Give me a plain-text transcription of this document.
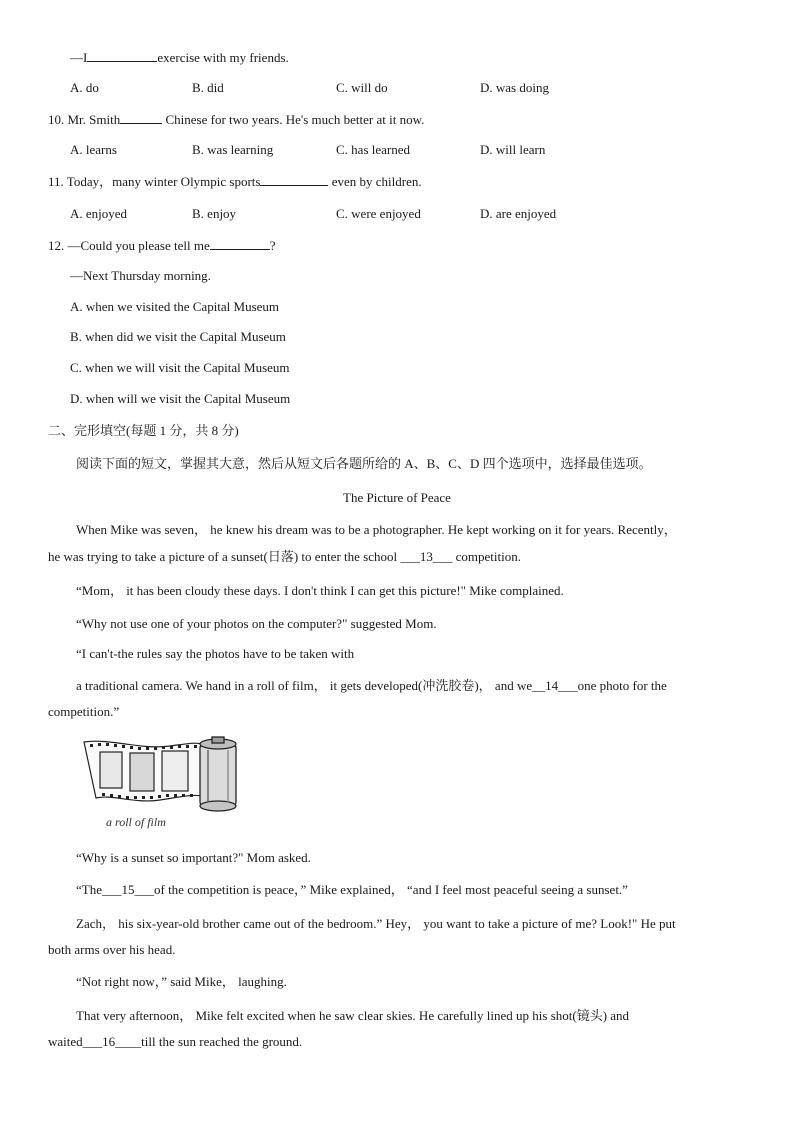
—I	exercise with my friends.
A. do	B. did	C. will do	D. was doing
10. Mr. Smith	Chinese for two years. He's much better at it now.
A. learns	B. was learning	C. has learned	D. will learn
11. Today，many winter Olympic sports	even by children.
A. enjoyed	B. enjoy	C. were enjoyed	D. are enjoyed
12. —Could you please tell me	?
—Next Thursday morning.
A. when we visited the Capital Museum
B. when did we visit the Capital Museum
C. when we will visit the Capital Museum
D. when will we visit the Capital Museum
二、完形填空(每题 1 分，共 8 分)
阅读下面的短文，掌握其大意，然后从短文后各题所给的 A、B、C、D 四个选项中，选择最佳选项。
The Picture of Peace
When Mike was seven， he knew his dream was to be a photographer. He kept working on it for years. Recently，
he was trying to take a picture of a sunset(日落) to enter the school ___13___ competition.
“Mom， it has been cloudy these days. I don't think I can get this picture!" Mike complained.
“Why not use one of your photos on the computer?" suggested Mom.
“I can't-the rules say the photos have to be taken with
a traditional camera. We hand in a roll of film， it gets developed(冲洗胶卷)， and we__14___one photo for the
competition.”
a roll of film
“Why is a sunset so important?" Mom asked.
“The___15___of the competition is peace，” Mike explained， “and I feel most peaceful seeing a sunset.”
Zach， his six-year-old brother came out of the bedroom.” Hey， you want to take a picture of me? Look!" He put
both arms over his head.
“Not right now，” said Mike， laughing.
That very afternoon， Mike felt excited when he saw clear skies. He carefully lined up his shot(镜头) and
waited___16____till the sun reached the ground.
